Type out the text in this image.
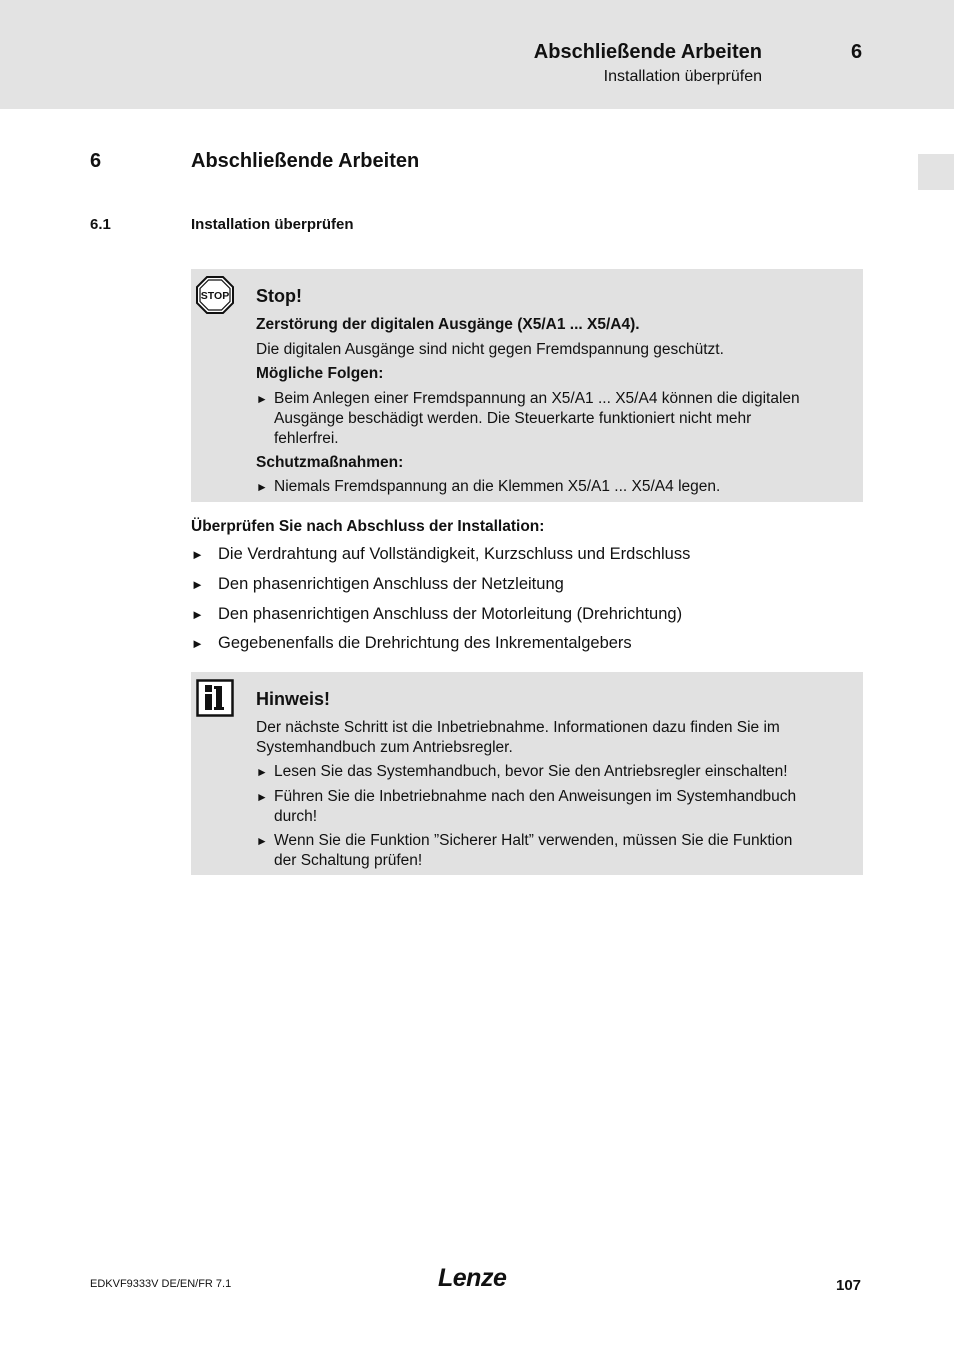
Abschließende Arbeiten	6
Installation überprüfen
6	Abschließende Arbeiten
6.1	Installation überprüfen
STOP Stop!
Zerstörung der digitalen Ausgänge (X5/A1 ... X5/A4).
Die digitalen Ausgänge sind nicht gegen Fremdspannung geschützt.
Mögliche Folgen:
► Beim Anlegen einer Fremdspannung an X5/A1 ... X5/A4 können die digitalen
Ausgänge beschädigt werden. Die Steuerkarte funktioniert nicht mehr
fehlerfrei.
Schutzmaßnahmen:
► Niemals Fremdspannung an die Klemmen X5/A1 ... X5/A4 legen.
Überprüfen Sie nach Abschluss der Installation:
► Die Verdrahtung auf Vollständigkeit, Kurzschluss und Erdschluss
► Den phasenrichtigen Anschluss der Netzleitung
► Den phasenrichtigen Anschluss der Motorleitung (Drehrichtung)
► Gegebenenfalls die Drehrichtung des Inkrementalgebers
Hinweis!
Der nächste Schritt ist die Inbetriebnahme. Informationen dazu finden Sie im
Systemhandbuch zum Antriebsregler.
► Lesen Sie das Systemhandbuch, bevor Sie den Antriebsregler einschalten!
► Führen Sie die Inbetriebnahme nach den Anweisungen im Systemhandbuch
durch!
► Wenn Sie die Funktion ”Sicherer Halt” verwenden, müssen Sie die Funktion
der Schaltung prüfen!
EDKVF9333V DE/EN/FR 7.1	Lenze	107
